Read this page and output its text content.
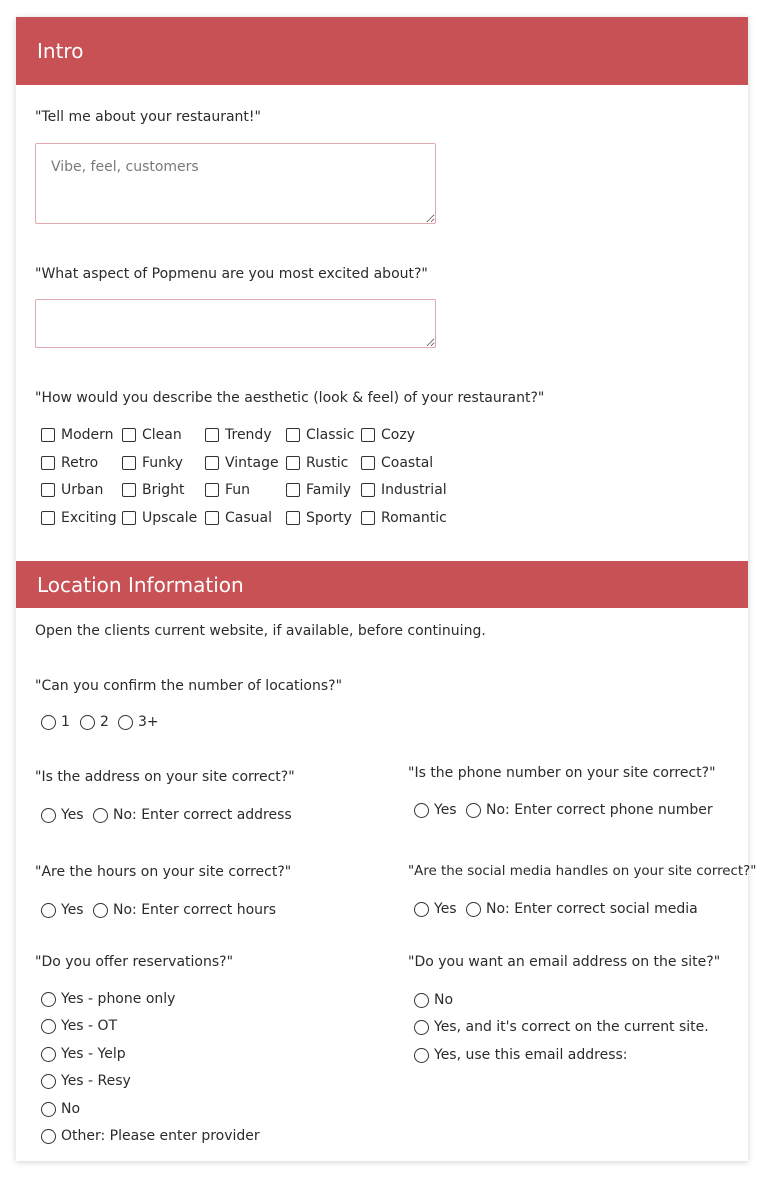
Intro
"Tell me about your restaurant!"
Vibe, feel, customers
"What aspect of Popmenu are you most excited about?"
"How would you describe the aesthetic (look & feel) of your restaurant?"
Modern Clean	Trendy Classic Cozy
Retro	Funky	Vintage Rustic Coastal
Urban	Bright	Fun	Family Industrial
Exciting Upscale Casual Sporty Romantic
Location Information
Open the clients current website, if available, before continuing.
"Can you confirm the number of locations?"
1 2 3+
"Is the address on your site correct?"
Yes No: Enter correct address
"Is the phone number on your site correct?"
Yes No: Enter correct phone number
"Are the hours on your site correct?"
Yes No: Enter correct hours
"Are the social media handles on your site correct?"
Yes No: Enter correct social media
"Do you offer reservations?"
Yes - phone only
Yes - OT
Yes - Yelp
Yes - Resy
No
Other: Please enter provider
"Do you want an email address on the site?"
No
Yes, and it's correct on the current site.
Yes, use this email address:
